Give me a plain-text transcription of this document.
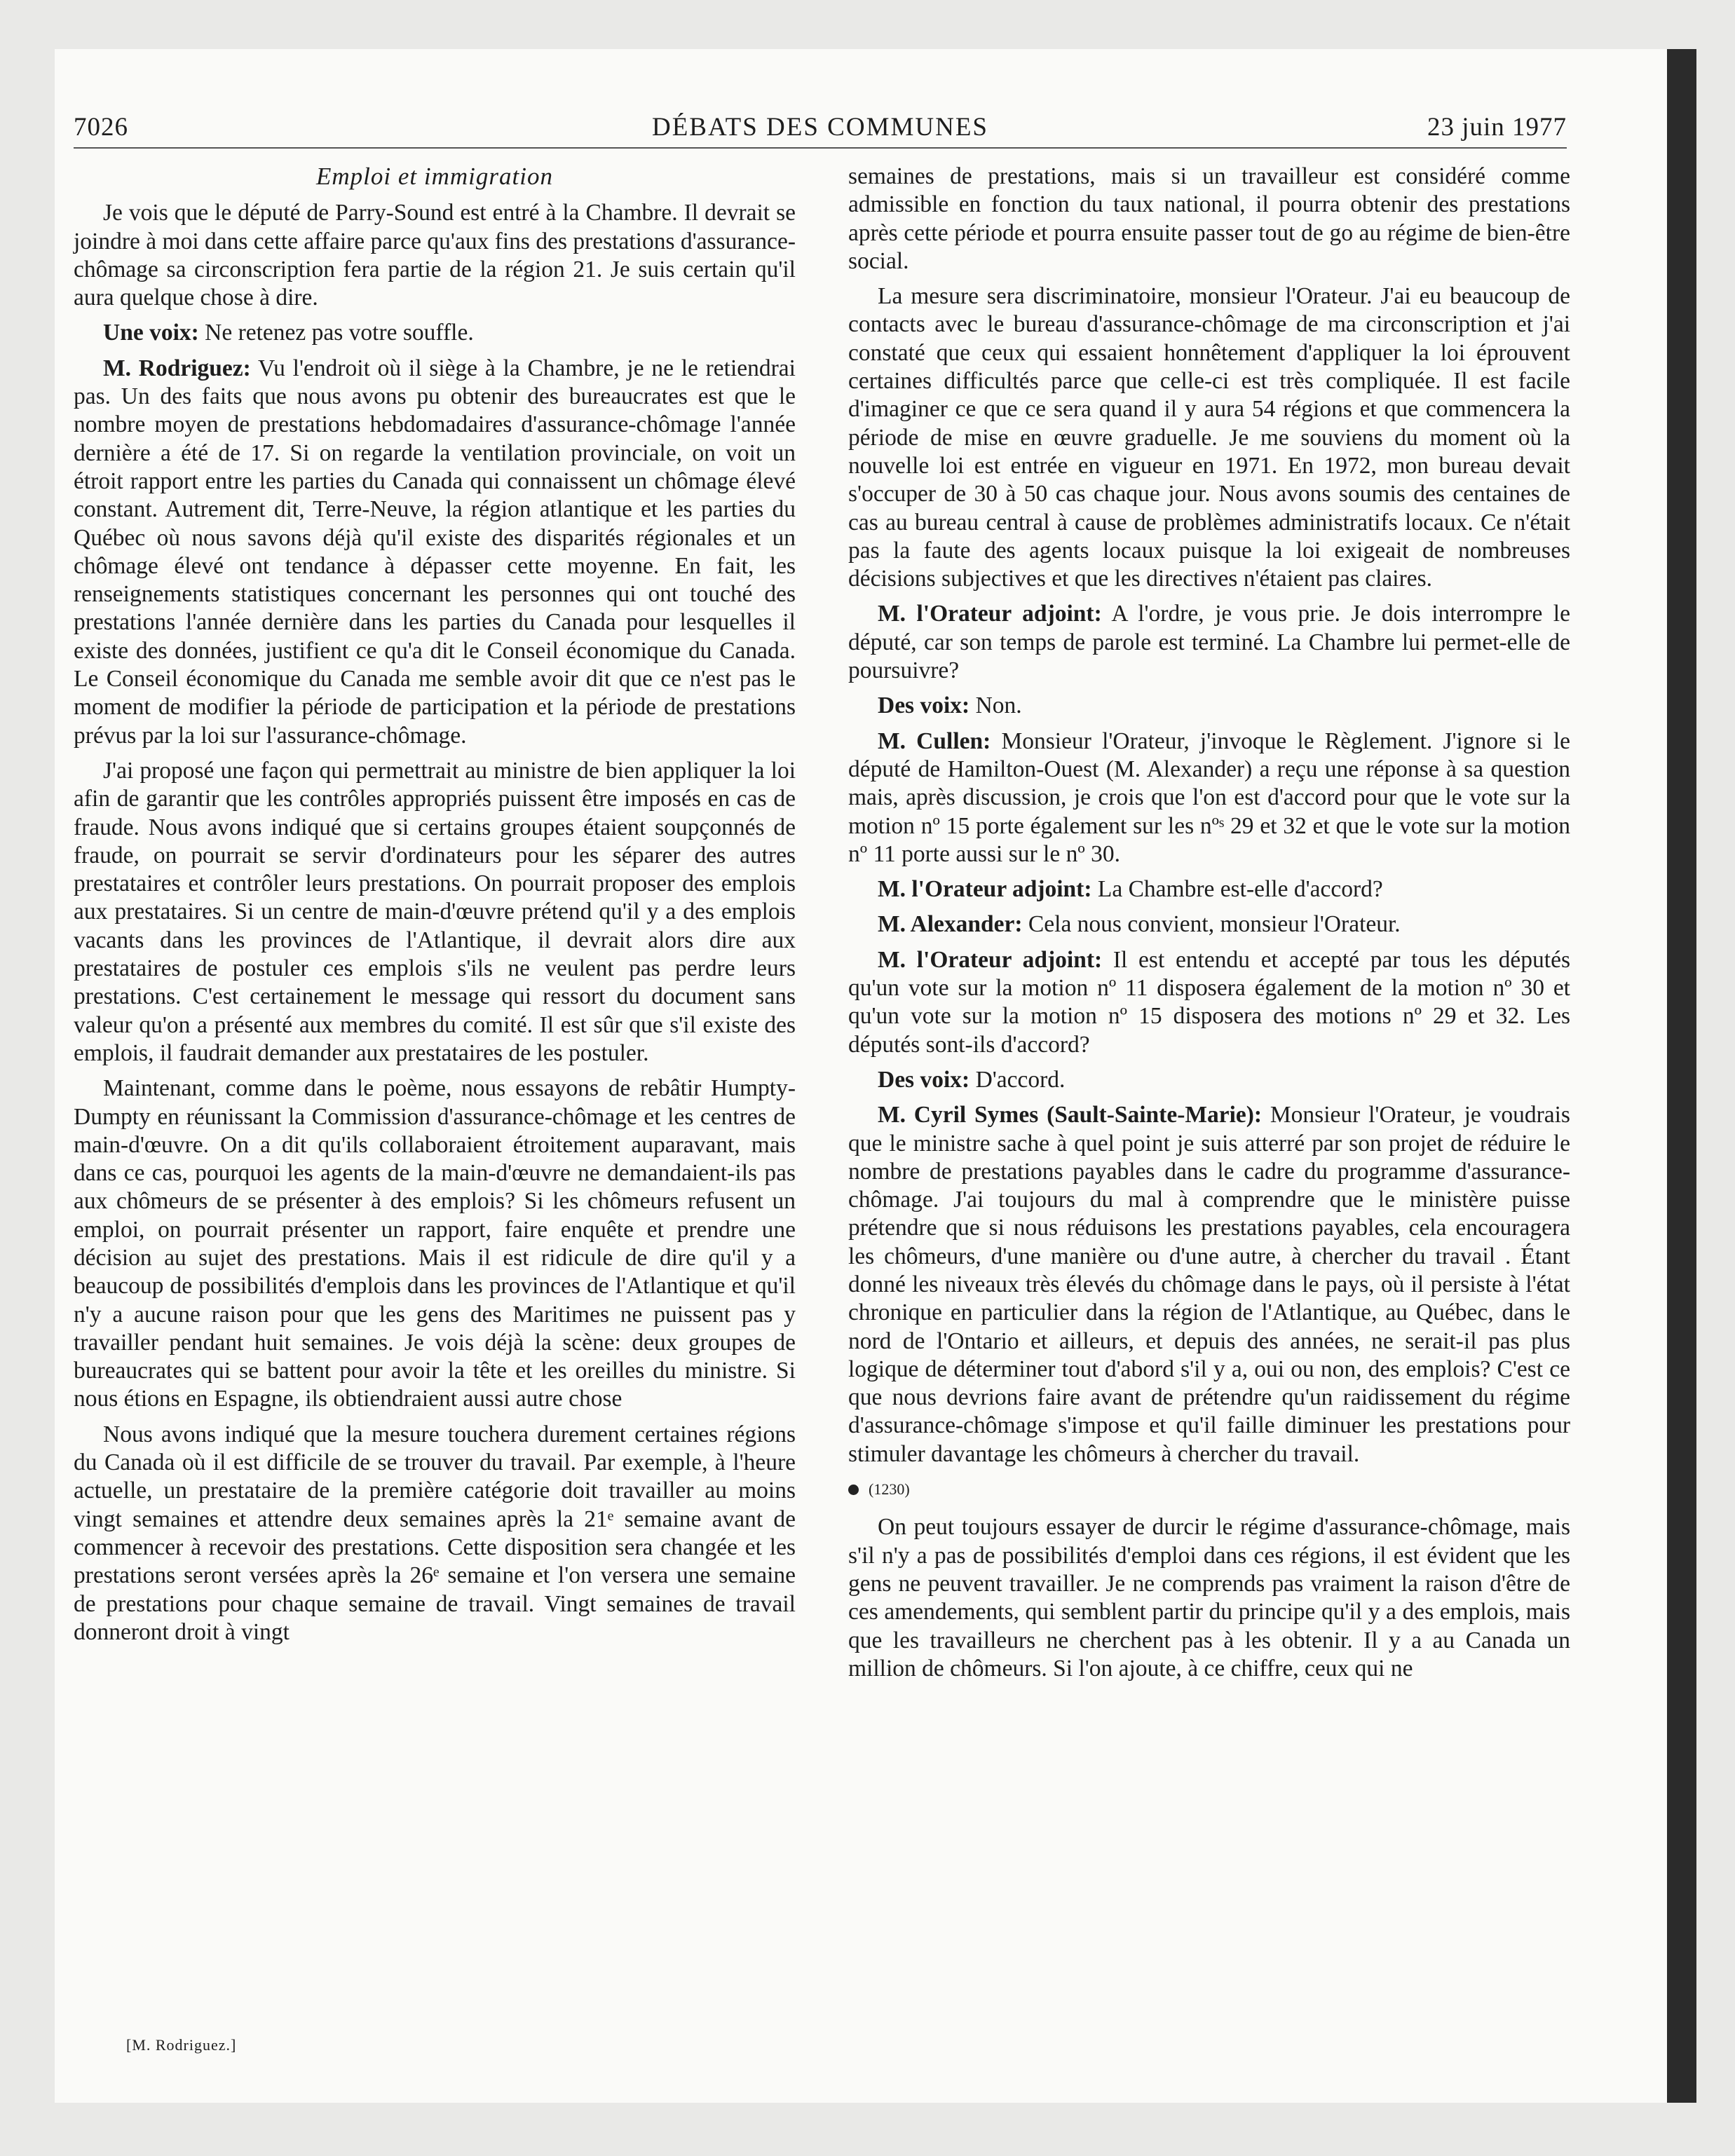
7026	DÉBATS DES COMMUNES	23 juin 1977
Emploi et immigration

Je vois que le député de Parry-Sound est entré à la Chambre. Il devrait se joindre à moi dans cette affaire parce qu'aux fins des prestations d'assurance-chômage sa circonscription fera partie de la région 21. Je suis certain qu'il aura quelque chose à dire.

Une voix: Ne retenez pas votre souffle.

M. Rodriguez: Vu l'endroit où il siège à la Chambre, je ne le retiendrai pas. Un des faits que nous avons pu obtenir des bureaucrates est que le nombre moyen de prestations hebdomadaires d'assurance-chômage l'année dernière a été de 17. Si on regarde la ventilation provinciale, on voit un étroit rapport entre les parties du Canada qui connaissent un chômage élevé constant. Autrement dit, Terre-Neuve, la région atlantique et les parties du Québec où nous savons déjà qu'il existe des disparités régionales et un chômage élevé ont tendance à dépasser cette moyenne. En fait, les renseignements statistiques concernant les personnes qui ont touché des prestations l'année dernière dans les parties du Canada pour lesquelles il existe des données, justifient ce qu'a dit le Conseil économique du Canada. Le Conseil économique du Canada me semble avoir dit que ce n'est pas le moment de modifier la période de participation et la période de prestations prévus par la loi sur l'assurance-chômage.

J'ai proposé une façon qui permettrait au ministre de bien appliquer la loi afin de garantir que les contrôles appropriés puissent être imposés en cas de fraude. Nous avons indiqué que si certains groupes étaient soupçonnés de fraude, on pourrait se servir d'ordinateurs pour les séparer des autres prestataires et contrôler leurs prestations. On pourrait proposer des emplois aux prestataires. Si un centre de main-d'œuvre prétend qu'il y a des emplois vacants dans les provinces de l'Atlantique, il devrait alors dire aux prestataires de postuler ces emplois s'ils ne veulent pas perdre leurs prestations. C'est certainement le message qui ressort du document sans valeur qu'on a présenté aux membres du comité. Il est sûr que s'il existe des emplois, il faudrait demander aux prestataires de les postuler.

Maintenant, comme dans le poème, nous essayons de rebâtir Humpty-Dumpty en réunissant la Commission d'assurance-chômage et les centres de main-d'œuvre. On a dit qu'ils collaboraient étroitement auparavant, mais dans ce cas, pourquoi les agents de la main-d'œuvre ne demandaient-ils pas aux chômeurs de se présenter à des emplois? Si les chômeurs refusent un emploi, on pourrait présenter un rapport, faire enquête et prendre une décision au sujet des prestations. Mais il est ridicule de dire qu'il y a beaucoup de possibilités d'emplois dans les provinces de l'Atlantique et qu'il n'y a aucune raison pour que les gens des Maritimes ne puissent pas y travailler pendant huit semaines. Je vois déjà la scène: deux groupes de bureaucrates qui se battent pour avoir la tête et les oreilles du ministre. Si nous étions en Espagne, ils obtiendraient aussi autre chose

Nous avons indiqué que la mesure touchera durement certaines régions du Canada où il est difficile de se trouver du travail. Par exemple, à l'heure actuelle, un prestataire de la première catégorie doit travailler au moins vingt semaines et attendre deux semaines après la 21ᵉ semaine avant de commencer à recevoir des prestations. Cette disposition sera changée et les prestations seront versées après la 26ᵉ semaine et l'on versera une semaine de prestations pour chaque semaine de travail. Vingt semaines de travail donneront droit à vingt

semaines de prestations, mais si un travailleur est considéré comme admissible en fonction du taux national, il pourra obtenir des prestations après cette période et pourra ensuite passer tout de go au régime de bien-être social.

La mesure sera discriminatoire, monsieur l'Orateur. J'ai eu beaucoup de contacts avec le bureau d'assurance-chômage de ma circonscription et j'ai constaté que ceux qui essaient honnêtement d'appliquer la loi éprouvent certaines difficultés parce que celle-ci est très compliquée. Il est facile d'imaginer ce que ce sera quand il y aura 54 régions et que commencera la période de mise en œuvre graduelle. Je me souviens du moment où la nouvelle loi est entrée en vigueur en 1971. En 1972, mon bureau devait s'occuper de 30 à 50 cas chaque jour. Nous avons soumis des centaines de cas au bureau central à cause de problèmes administratifs locaux. Ce n'était pas la faute des agents locaux puisque la loi exigeait de nombreuses décisions subjectives et que les directives n'étaient pas claires.

M. l'Orateur adjoint: A l'ordre, je vous prie. Je dois interrompre le député, car son temps de parole est terminé. La Chambre lui permet-elle de poursuivre?

Des voix: Non.

M. Cullen: Monsieur l'Orateur, j'invoque le Règlement. J'ignore si le député de Hamilton-Ouest (M. Alexander) a reçu une réponse à sa question mais, après discussion, je crois que l'on est d'accord pour que le vote sur la motion nº 15 porte également sur les nºˢ 29 et 32 et que le vote sur la motion nº 11 porte aussi sur le nº 30.

M. l'Orateur adjoint: La Chambre est-elle d'accord?

M. Alexander: Cela nous convient, monsieur l'Orateur.

M. l'Orateur adjoint: Il est entendu et accepté par tous les députés qu'un vote sur la motion nº 11 disposera également de la motion nº 30 et qu'un vote sur la motion nº 15 disposera des motions nº 29 et 32. Les députés sont-ils d'accord?

Des voix: D'accord.

M. Cyril Symes (Sault-Sainte-Marie): Monsieur l'Orateur, je voudrais que le ministre sache à quel point je suis atterré par son projet de réduire le nombre de prestations payables dans le cadre du programme d'assurance-chômage. J'ai toujours du mal à comprendre que le ministère puisse prétendre que si nous réduisons les prestations payables, cela encouragera les chômeurs, d'une manière ou d'une autre, à chercher du travail . Étant donné les niveaux très élevés du chômage dans le pays, où il persiste à l'état chronique en particulier dans la région de l'Atlantique, au Québec, dans le nord de l'Ontario et ailleurs, et depuis des années, ne serait-il pas plus logique de déterminer tout d'abord s'il y a, oui ou non, des emplois? C'est ce que nous devrions faire avant de prétendre qu'un raidissement du régime d'assurance-chômage s'impose et qu'il faille diminuer les prestations pour stimuler davantage les chômeurs à chercher du travail.

(1230)

On peut toujours essayer de durcir le régime d'assurance-chômage, mais s'il n'y a pas de possibilités d'emploi dans ces régions, il est évident que les gens ne peuvent travailler. Je ne comprends pas vraiment la raison d'être de ces amendements, qui semblent partir du principe qu'il y a des emplois, mais que les travailleurs ne cherchent pas à les obtenir. Il y a au Canada un million de chômeurs. Si l'on ajoute, à ce chiffre, ceux qui ne

[M. Rodriguez.]
